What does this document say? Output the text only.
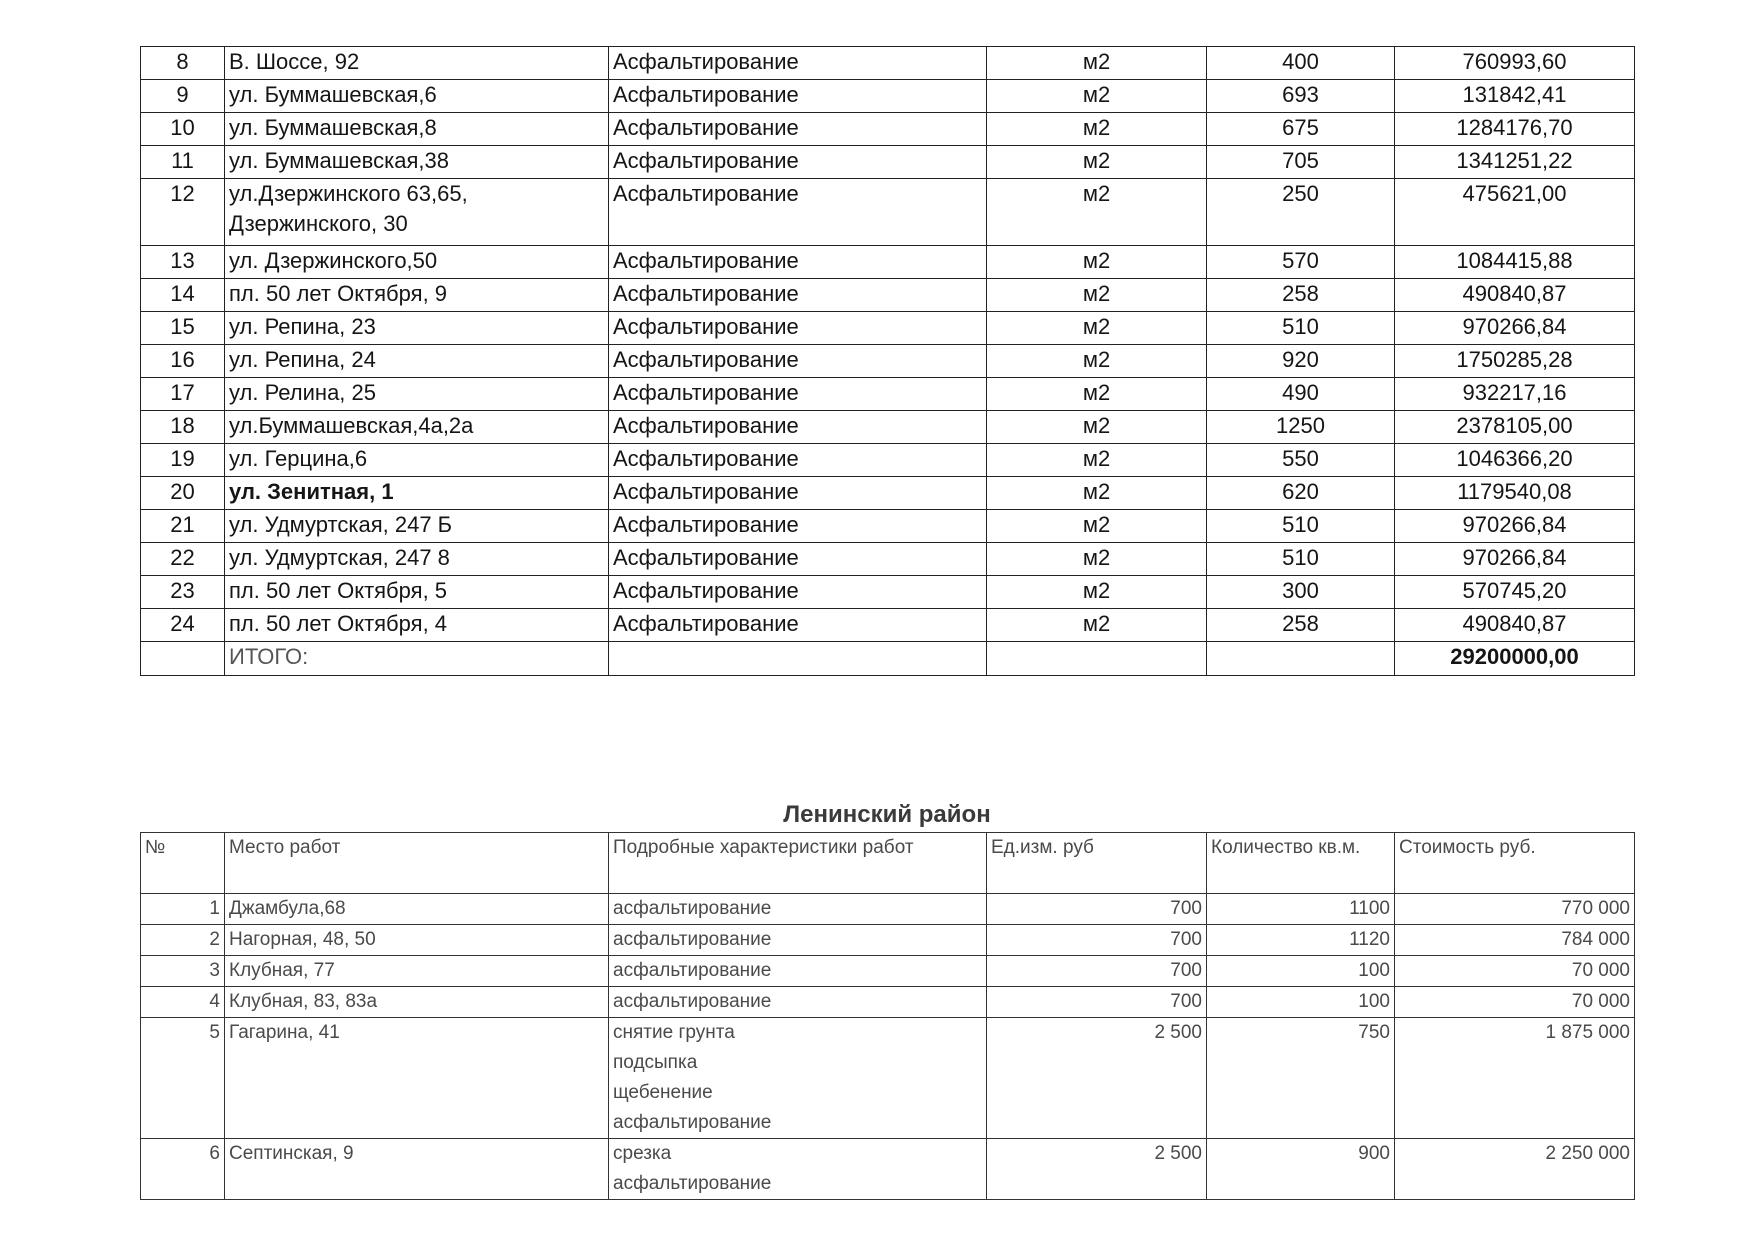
8	В. Шоссе, 92	Асфальтирование	м2	400	760993,60
9	ул. Буммашевская,6	Асфальтирование	м2	693	131842,41
10	ул. Буммашевская,8	Асфальтирование	м2	675	1284176,70
11	ул. Буммашевская,38	Асфальтирование	м2	705	1341251,22
12	ул.Дзержинского 63,65, Дзержинского, 30	Асфальтирование	м2	250	475621,00
13	ул. Дзержинского,50	Асфальтирование	м2	570	1084415,88
14	пл. 50 лет Октября, 9	Асфальтирование	м2	258	490840,87
15	ул. Репина, 23	Асфальтирование	м2	510	970266,84
16	ул. Репина, 24	Асфальтирование	м2	920	1750285,28
17	ул. Релина, 25	Асфальтирование	м2	490	932217,16
18	ул.Буммашевская,4а,2а	Асфальтирование	м2	1250	2378105,00
19	ул. Герцина,6	Асфальтирование	м2	550	1046366,20
20	ул. Зенитная, 1	Асфальтирование	м2	620	1179540,08
21	ул. Удмуртская, 247 Б	Асфальтирование	м2	510	970266,84
22	ул. Удмуртская, 247 8	Асфальтирование	м2	510	970266,84
23	пл. 50 лет Октября, 5	Асфальтирование	м2	300	570745,20
24	пл. 50 лет Октября, 4	Асфальтирование	м2	258	490840,87
	ИТОГО:				29200000,00
Ленинский район
№	Место работ	Подробные характеристики работ	Ед.изм. руб	Количество кв.м.	Стоимость руб.
1	Джамбула,68	асфальтирование	700	1100	770 000
2	Нагорная, 48, 50	асфальтирование	700	1120	784 000
3	Клубная, 77	асфальтирование	700	100	70 000
4	Клубная, 83, 83а	асфальтирование	700	100	70 000
5	Гагарина, 41	снятие грунта
подсыпка
щебенение
асфальтирование	2 500	750	1 875 000
6	Септинская, 9	срезка
асфальтирование	2 500	900	2 250 000
